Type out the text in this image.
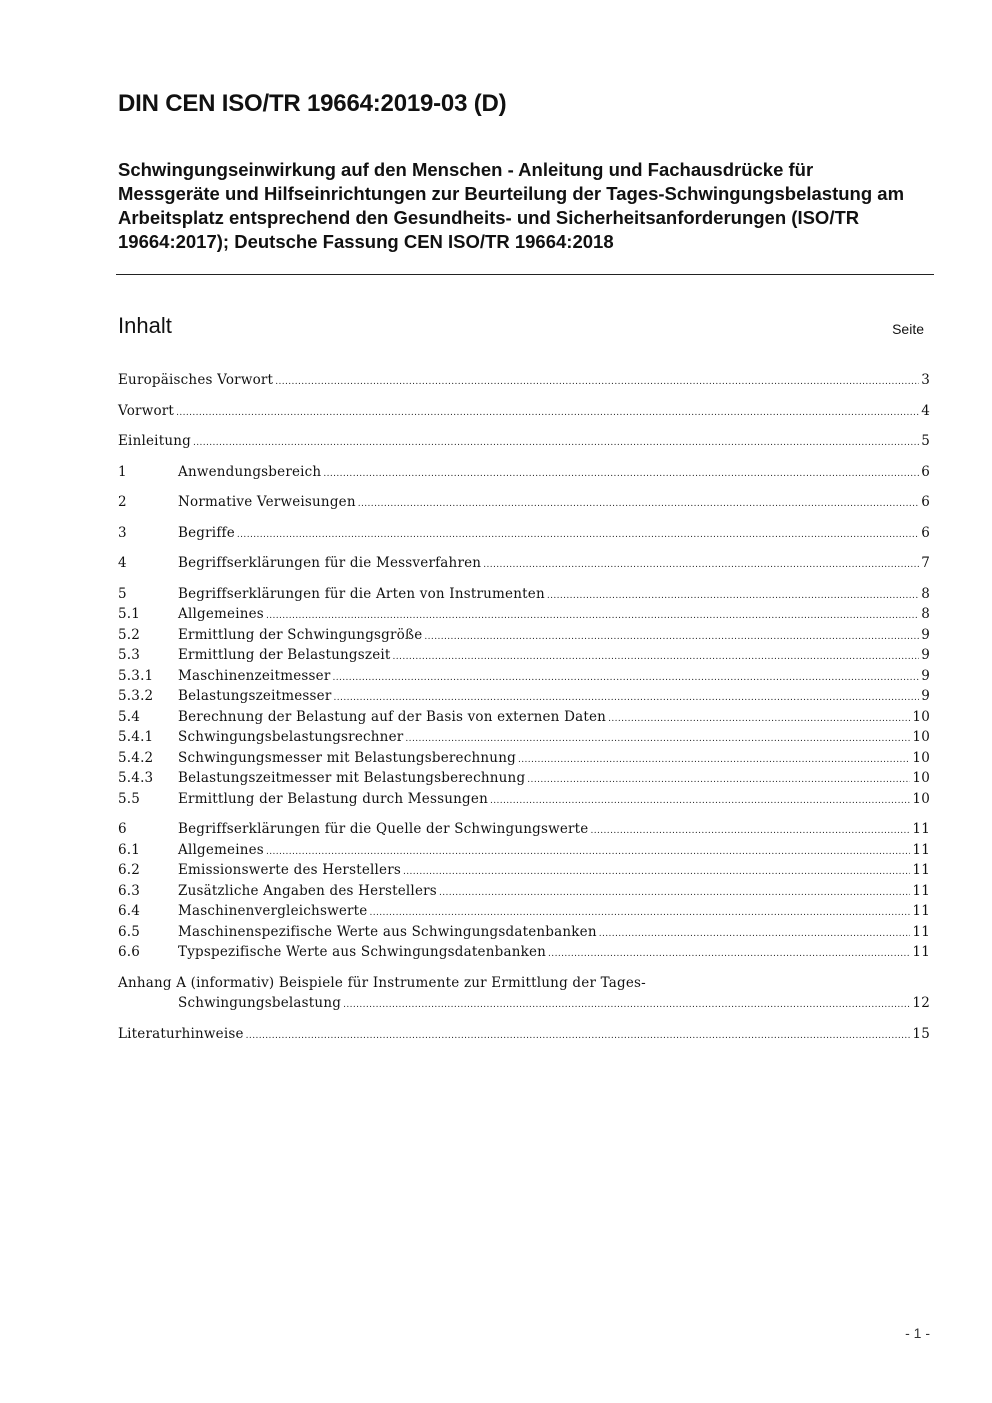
DIN CEN ISO/TR 19664:2019-03 (D)
Schwingungseinwirkung auf den Menschen - Anleitung und Fachausdrücke für Messgeräte und Hilfseinrichtungen zur Beurteilung der Tages-Schwingungsbelastung am Arbeitsplatz entsprechend den Gesundheits- und Sicherheitsanforderungen (ISO/TR 19664:2017); Deutsche Fassung CEN ISO/TR 19664:2018
Inhalt	Seite
Europäisches Vorwort .....	3
Vorwort .....	4
Einleitung .....	5
1	Anwendungsbereich .....	6
2	Normative Verweisungen .....	6
3	Begriffe .....	6
4	Begriffserklärungen für die Messverfahren .....	7
5	Begriffserklärungen für die Arten von Instrumenten .....	8
5.1	Allgemeines .....	8
5.2	Ermittlung der Schwingungsgröße .....	9
5.3	Ermittlung der Belastungszeit .....	9
5.3.1	Maschinenzeitmesser .....	9
5.3.2	Belastungszeitmesser .....	9
5.4	Berechnung der Belastung auf der Basis von externen Daten .....	10
5.4.1	Schwingungsbelastungsrechner .....	10
5.4.2	Schwingungsmesser mit Belastungsberechnung .....	10
5.4.3	Belastungszeitmesser mit Belastungsberechnung .....	10
5.5	Ermittlung der Belastung durch Messungen .....	10
6	Begriffserklärungen für die Quelle der Schwingungswerte .....	11
6.1	Allgemeines .....	11
6.2	Emissionswerte des Herstellers .....	11
6.3	Zusätzliche Angaben des Herstellers .....	11
6.4	Maschinenvergleichswerte .....	11
6.5	Maschinenspezifische Werte aus Schwingungsdatenbanken .....	11
6.6	Typspezifische Werte aus Schwingungsdatenbanken .....	11
Anhang A (informativ) Beispiele für Instrumente zur Ermittlung der Tages-
Schwingungsbelastung .....	12
Literaturhinweise .....	15
- 1 -
